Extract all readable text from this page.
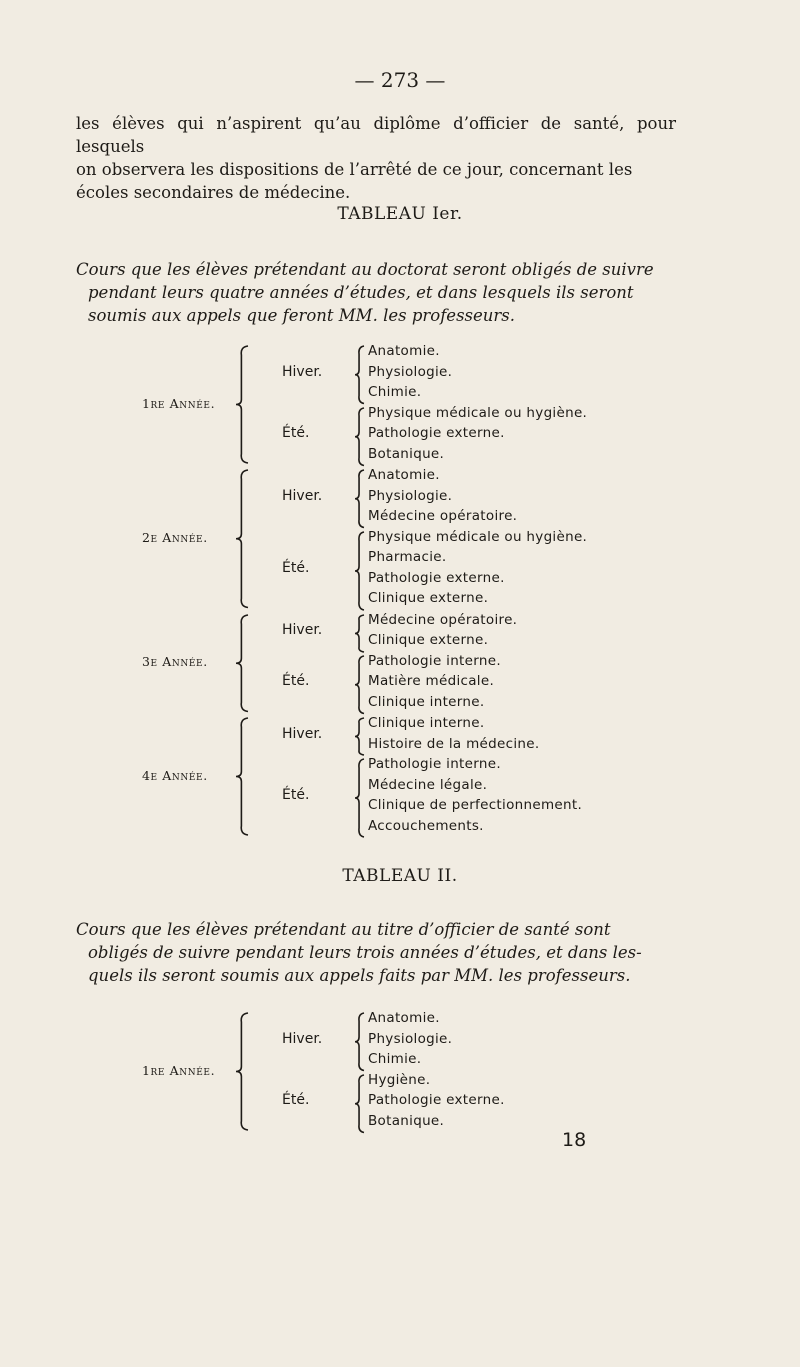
— 273 —
les élèves qui n’aspirent qu’au diplôme d’officier de santé, pour lesquels
on observera les dispositions de l’arrêté de ce jour, concernant les
écoles secondaires de médecine.
TABLEAU Ier.
Cours que les élèves prétendant au doctorat seront obligés de suivre
pendant leurs quatre années d’études, et dans lesquels ils seront
soumis aux appels que feront MM. les professeurs.
Anatomie.
Physiologie.
Chimie.
Hiver.
Physique médicale ou hygiène.
Pathologie externe.
Botanique.
Été.
1re Année.
Anatomie.
Physiologie.
Médecine opératoire.
Hiver.
Physique médicale ou hygiène.
Pharmacie.
Pathologie externe.
Clinique externe.
Été.
2e Année.
Médecine opératoire.
Clinique externe.
Hiver.
Pathologie interne.
Matière médicale.
Clinique interne.
Été.
3e Année.
Clinique interne.
Histoire de la médecine.
Hiver.
Pathologie interne.
Médecine légale.
Clinique de perfectionnement.
Accouchements.
Été.
4e Année.
TABLEAU II.
Cours que les élèves prétendant au titre d’officier de santé sont
obligés de suivre pendant leurs trois années d’études, et dans les-
quels ils seront soumis aux appels faits par MM. les professeurs.
Anatomie.
Physiologie.
Chimie.
Hiver.
Hygiène.
Pathologie externe.
Botanique.
Été.
1re Année.
18
